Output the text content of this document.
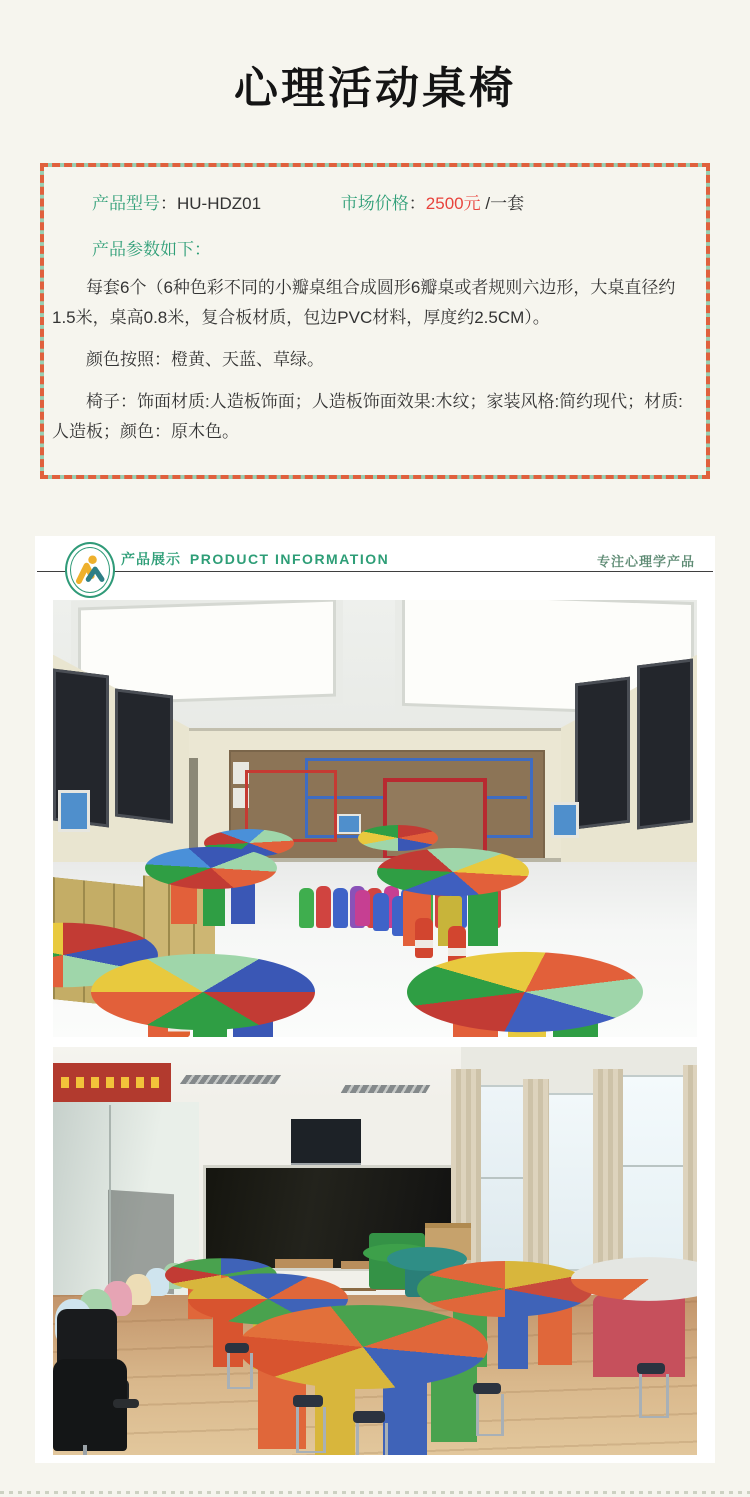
心理活动桌椅
产品型号：HU-HDZ01	市场价格：2500元 /一套
产品参数如下：

每套6个（6种色彩不同的小瓣桌组合成圆形6瓣桌或者规则六边形，大桌直径约1.5米，桌高0.8米，复合板材质，包边PVC材料，厚度约2.5CM）。

颜色按照：橙黄、天蓝、草绿。

椅子：饰面材质:人造板饰面；人造板饰面效果:木纹；家装风格:简约现代；材质:人造板；颜色：原木色。

产品展示 PRODUCT INFORMATION	专注心理学产品
